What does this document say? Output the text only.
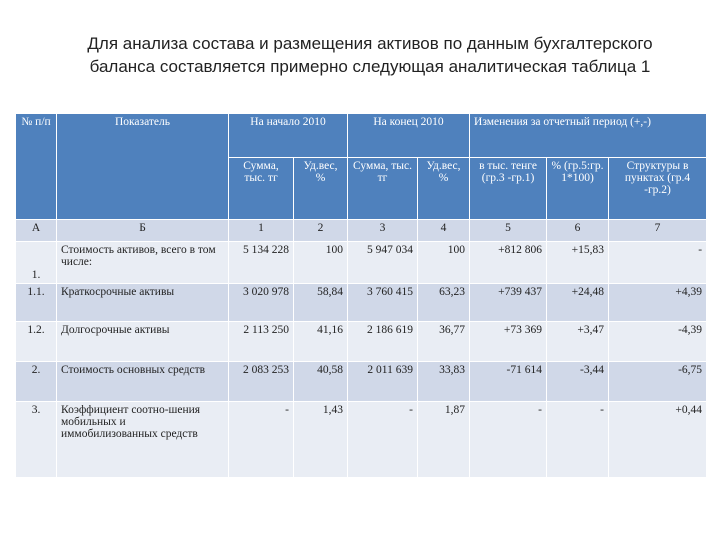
Для анализа состава и размещения активов по данным бухгалтерского
баланса составляется примерно следующая аналитическая таблица 1
№ п/п	Показатель	На начало 2010		На конец 2010		Изменения за отчетный период (+,-)		
		Сумма, тыс. тг	Уд.вес, %	Сумма, тыс. тг	Уд.вес, %	в тыс. тенге (гр.3 -гр.1)	% (гр.5:гр. 1*100)	Структуры в пунктах (гр.4 -гр.2)
А	Б	1	2	3	4	5	6	7
1.	Стоимость активов, всего в том числе:	5 134 228	100	5 947 034	100	+812 806	+15,83	-
1.1.	Краткосрочные активы	3 020 978	58,84	3 760 415	63,23	+739 437	+24,48	+4,39
1.2.	Долгосрочные активы	2 113 250	41,16	2 186 619	36,77	+73 369	+3,47	-4,39
2.	Стоимость основных средств	2 083 253	40,58	2 011 639	33,83	-71 614	-3,44	-6,75
3.	Коэффициент соотно-шения мобильных и иммобилизованных средств	-	1,43	-	1,87	-	-	+0,44
